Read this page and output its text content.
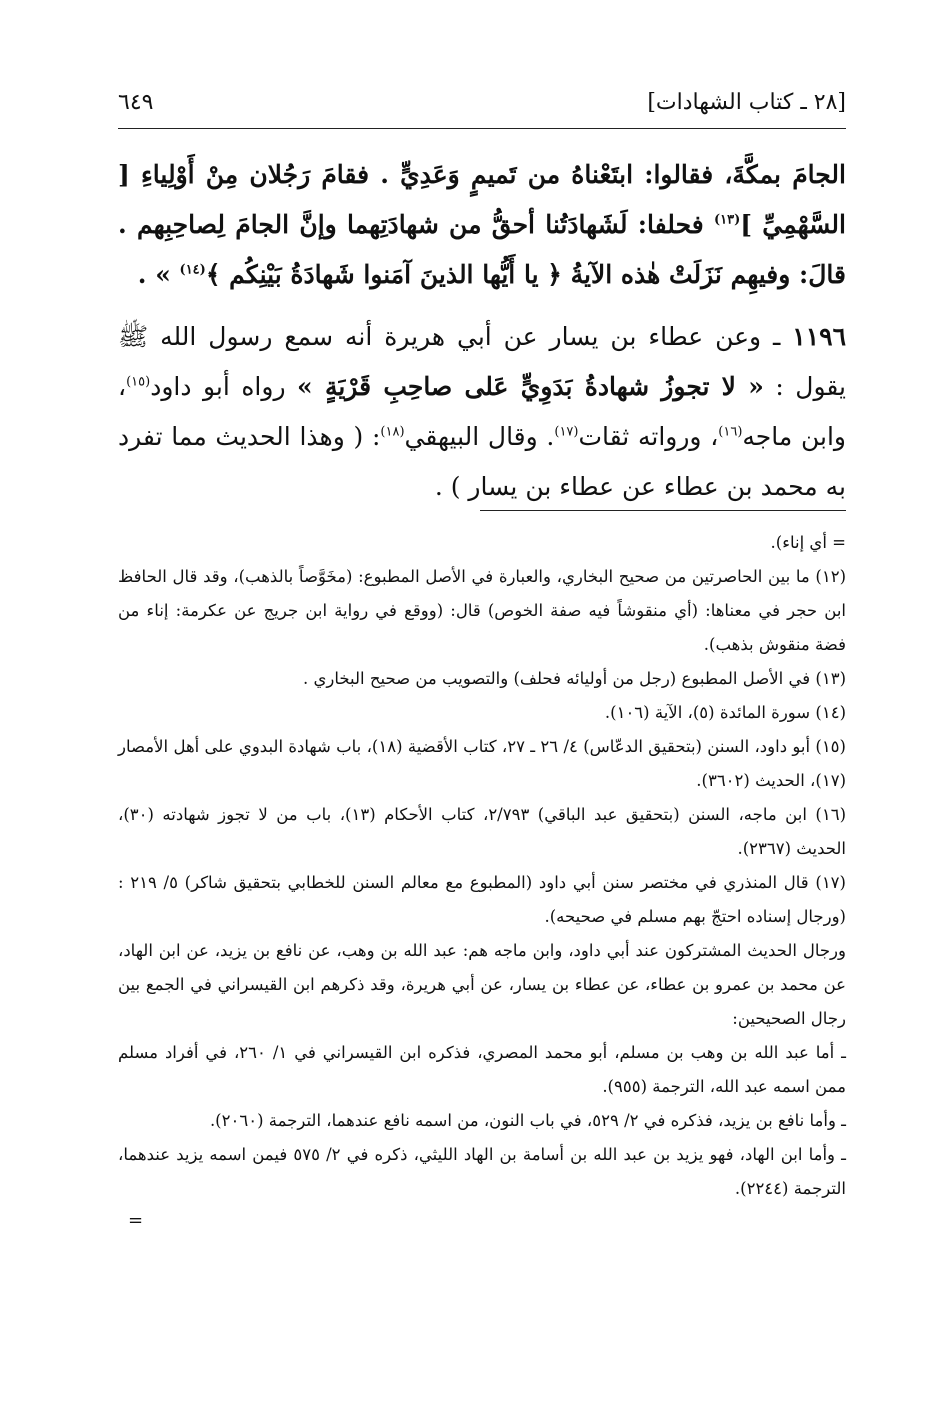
[٢٨ ـ كتاب الشهادات]
٦٤٩

الجامَ بمكَّةَ، فقالوا: ابتَعْناهُ من تَميمٍ وَعَدِيٍّ . فقامَ رَجُلان مِنْ أَوْلِياءِ [ السَّهْمِيِّ ]$^{(١٣)}$ فحلفا: لَشَهادَتُنا أحقُّ من شهادَتِهما وإنَّ الجامَ لِصاحِبِهم . قالَ: وفيهِم نَزَلَتْ هٰذه الآيةُ ﴿ يا أَيُّها الذينَ آمَنوا شَهادَةُ بَيْنِكُم ﴾$^{(١٤)}$ » .

١١٩٦ ـ وعن عطاء بن يسار عن أبي هريرة أنه سمع رسول الله ﷺ يقول : « لا تجوزُ شهادةُ بَدَوِيٍّ عَلى صاحِبِ قَرْيَةٍ » رواه أبو داود$^{(١٥)}$، وابن ماجه$^{(١٦)}$، ورواته ثقات$^{(١٧)}$. وقال البيهقي$^{(١٨)}$: ( وهذا الحديث مما تفرد به محمد بن عطاء عن عطاء بن يسار ) .

= أي إناء).

(١٢) ما بين الحاصرتين من صحيح البخاري، والعبارة في الأصل المطبوع: (مخَوَّصاً بالذهب)، وقد قال الحافظ ابن حجر في معناها: (أي منقوشاً فيه صفة الخوص) قال: (ووقع في رواية ابن جريج عن عكرمة: إناء من فضة منقوش بذهب).

(١٣) في الأصل المطبوع (رجل من أوليائه فحلف) والتصويب من صحيح البخاري .

(١٤) سورة المائدة (٥)، الآية (١٠٦).

(١٥) أبو داود، السنن (بتحقيق الدعّاس) ٤/ ٢٦ ـ ٢٧، كتاب الأقضية (١٨)، باب شهادة البدوي على أهل الأمصار (١٧)، الحديث (٣٦٠٢).

(١٦) ابن ماجه، السنن (بتحقيق عبد الباقي) ٢/٧٩٣، كتاب الأحكام (١٣)، باب من لا تجوز شهادته (٣٠)، الحديث (٢٣٦٧).

(١٧) قال المنذري في مختصر سنن أبي داود (المطبوع مع معالم السنن للخطابي بتحقيق شاكر) ٥/ ٢١٩ : (ورجال إسناده احتجّ بهم مسلم في صحيحه).

ورجال الحديث المشتركون عند أبي داود، وابن ماجه هم: عبد الله بن وهب، عن نافع بن يزيد، عن ابن الهاد، عن محمد بن عمرو بن عطاء، عن عطاء بن يسار، عن أبي هريرة، وقد ذكرهم ابن القيسراني في الجمع بين رجال الصحيحين:

ـ أما عبد الله بن وهب بن مسلم، أبو محمد المصري، فذكره ابن القيسراني في ١/ ٢٦٠، في أفراد مسلم ممن اسمه عبد الله، الترجمة (٩٥٥).

ـ وأما نافع بن يزيد، فذكره في ٢/ ٥٢٩، في باب النون، من اسمه نافع عندهما، الترجمة (٢٠٦٠).

ـ وأما ابن الهاد، فهو يزيد بن عبد الله بن أسامة بن الهاد الليثي، ذكره في ٢/ ٥٧٥ فيمن اسمه يزيد عندهما، الترجمة (٢٢٤٤).

=
